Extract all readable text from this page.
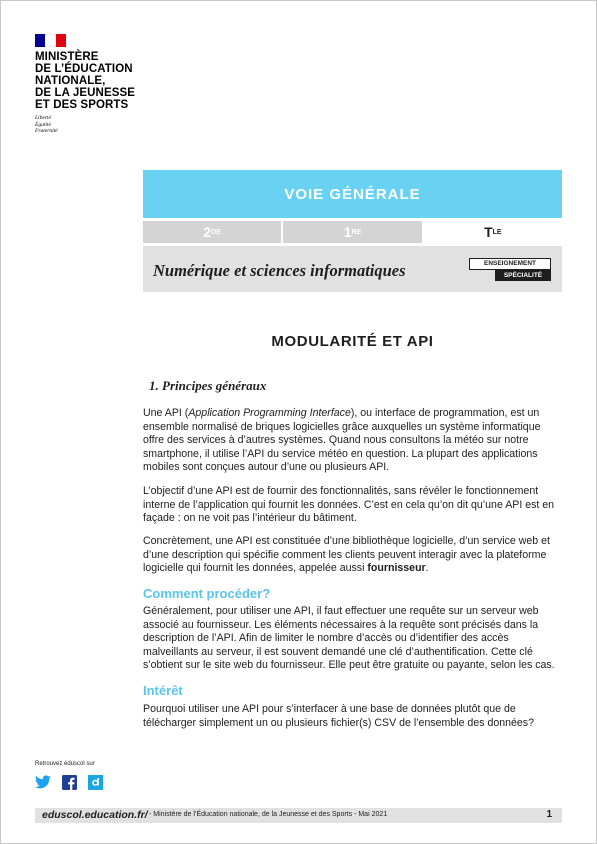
MINISTÈRE
DE L’ÉDUCATION
NATIONALE,
DE LA JEUNESSE
ET DES SPORTS
Liberté
Égalité
Fraternité
VOIE GÉNÉRALE
2 DE	1 RE	T LE
Numérique et sciences informatiques	ENSEIGNEMENT
SPÉCIALITÉ
MODULARITÉ ET API
1. Principes généraux
Une API (Application Programming Interface), ou interface de programmation, est un ensemble normalisé de briques logicielles grâce auxquelles un système informatique offre des services à d’autres systèmes. Quand nous consultons la météo sur notre smartphone, il utilise l’API du service météo en question. La plupart des applications mobiles sont conçues autour d’une ou plusieurs API.
L’objectif d’une API est de fournir des fonctionnalités, sans révéler le fonctionnement interne de l’application qui fournit les données. C’est en cela qu’on dit qu’une API est en façade : on ne voit pas l’intérieur du bâtiment.
Concrètement, une API est constituée d’une bibliothèque logicielle, d’un service web et d’une description qui spécifie comment les clients peuvent interagir avec la plateforme logicielle qui fournit les données, appelée aussi fournisseur.
Comment procéder?
Généralement, pour utiliser une API, il faut effectuer une requête sur un serveur web associé au fournisseur. Les éléments nécessaires à la requête sont précisés dans la description de l’API. Afin de limiter le nombre d’accès ou d’identifier des accès malveillants au serveur, il est souvent demandé une clé d’authentification. Cette clé s’obtient sur le site web du fournisseur. Elle peut être gratuite ou payante, selon les cas.
Intérêt
Pourquoi utiliser une API pour s’interfacer à une base de données plutôt que de télécharger simplement un ou plusieurs fichier(s) CSV de l’ensemble des données?
Retrouvez éduscol sur
eduscol.education.fr/ - Ministère de l’Éducation nationale, de la Jeunesse et des Sports - Mai 2021	1
